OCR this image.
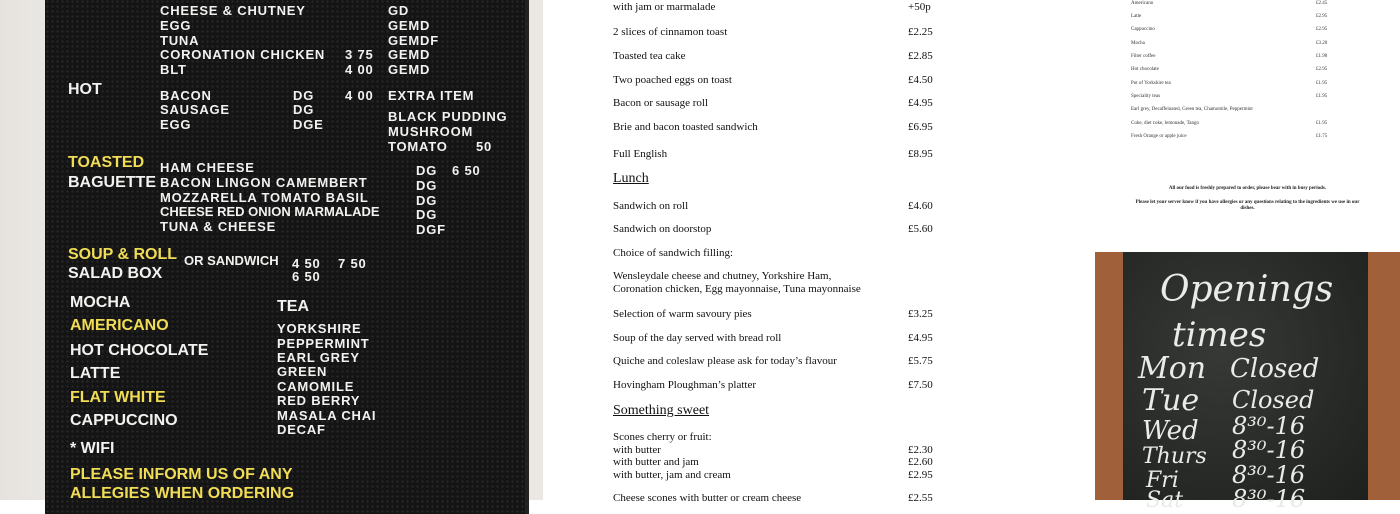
All our food is freshly prepared to order, please bear with in busy periods.
Please let your server know if you have allergies or any questions relating to the ingredients we use in our dishes.
CHEESE & CHUTNEY	GD
EGG	GEMD
TUNA	GEMDF
CORONATION CHICKEN 3 75 GEMD
BLT	4 00 GEMD
HOT	BACON	DG 4 00 EXTRA ITEM
SAUSAGE	DG	BLACK PUDDING
EGG	DGE	MUSHROOM
TOMATO 50
TOASTED
BAGUETTE
HAM CHEESE	DG 6 50
BACON LINGON CAMEMBERT	DG
MOZZARELLA TOMATO BASIL	DG
CHEESE RED ONION MARMALADE	DG
TUNA & CHEESE	DGF
SOUP & ROLL OR SANDWICH 4 50 7 50
SALAD BOX	6 50
MOCHA	TEA
AMERICANO	YORKSHIRE
HOT CHOCOLATE	PEPPERMINT
EARL GREY
LATTE	GREEN
CAMOMILE
FLAT WHITE	RED BERRY
CAPPUCCINO	MASALA CHAI
DECAF
* WIFI
PLEASE INFORM US OF ANY
ALLEGIES WHEN ORDERING
with jam or marmalade	+50p
2 slices of cinnamon toast	£2.25
Toasted tea cake	£2.85
Two poached eggs on toast	£4.50
Bacon or sausage roll	£4.95
Brie and bacon toasted sandwich	£6.95
Full English	£8.95
Lunch
Sandwich on roll	£4.60
Sandwich on doorstop	£5.60
Choice of sandwich filling:
Wensleydale cheese and chutney, Yorkshire Ham,
Coronation chicken, Egg mayonnaise, Tuna mayonnaise
Selection of warm savoury pies	£3.25
Soup of the day served with bread roll	£4.95
Quiche and coleslaw please ask for today’s flavour	£5.75
Hovingham Ploughman’s platter	£7.50
Something sweet
Scones cherry or fruit:
with butter	£2.30
with butter and jam	£2.60
with butter, jam and cream	£2.95
Cheese scones with butter or cream cheese	£2.55
Americano	£2.45
Latte	£2.95
Cappuccino	£2.95
Mocha	£3.20
Filter coffee	£1.90
Hot chocolate	£2.95
Pot of Yorkshire tea	£1.95
Speciality teas	£1.95
Earl grey, Decaffeinated, Green tea, Chamomile, Peppermint
Coke, diet coke, lemonade, Tango	£1.95
Fresh Orange or apple juice	£1.75
Openings
times
Mon Closed
Tue Closed
Wed 8³⁰-16
Thurs 8³⁰-16
Fri 8³⁰-16
Sat 8³⁰-16
